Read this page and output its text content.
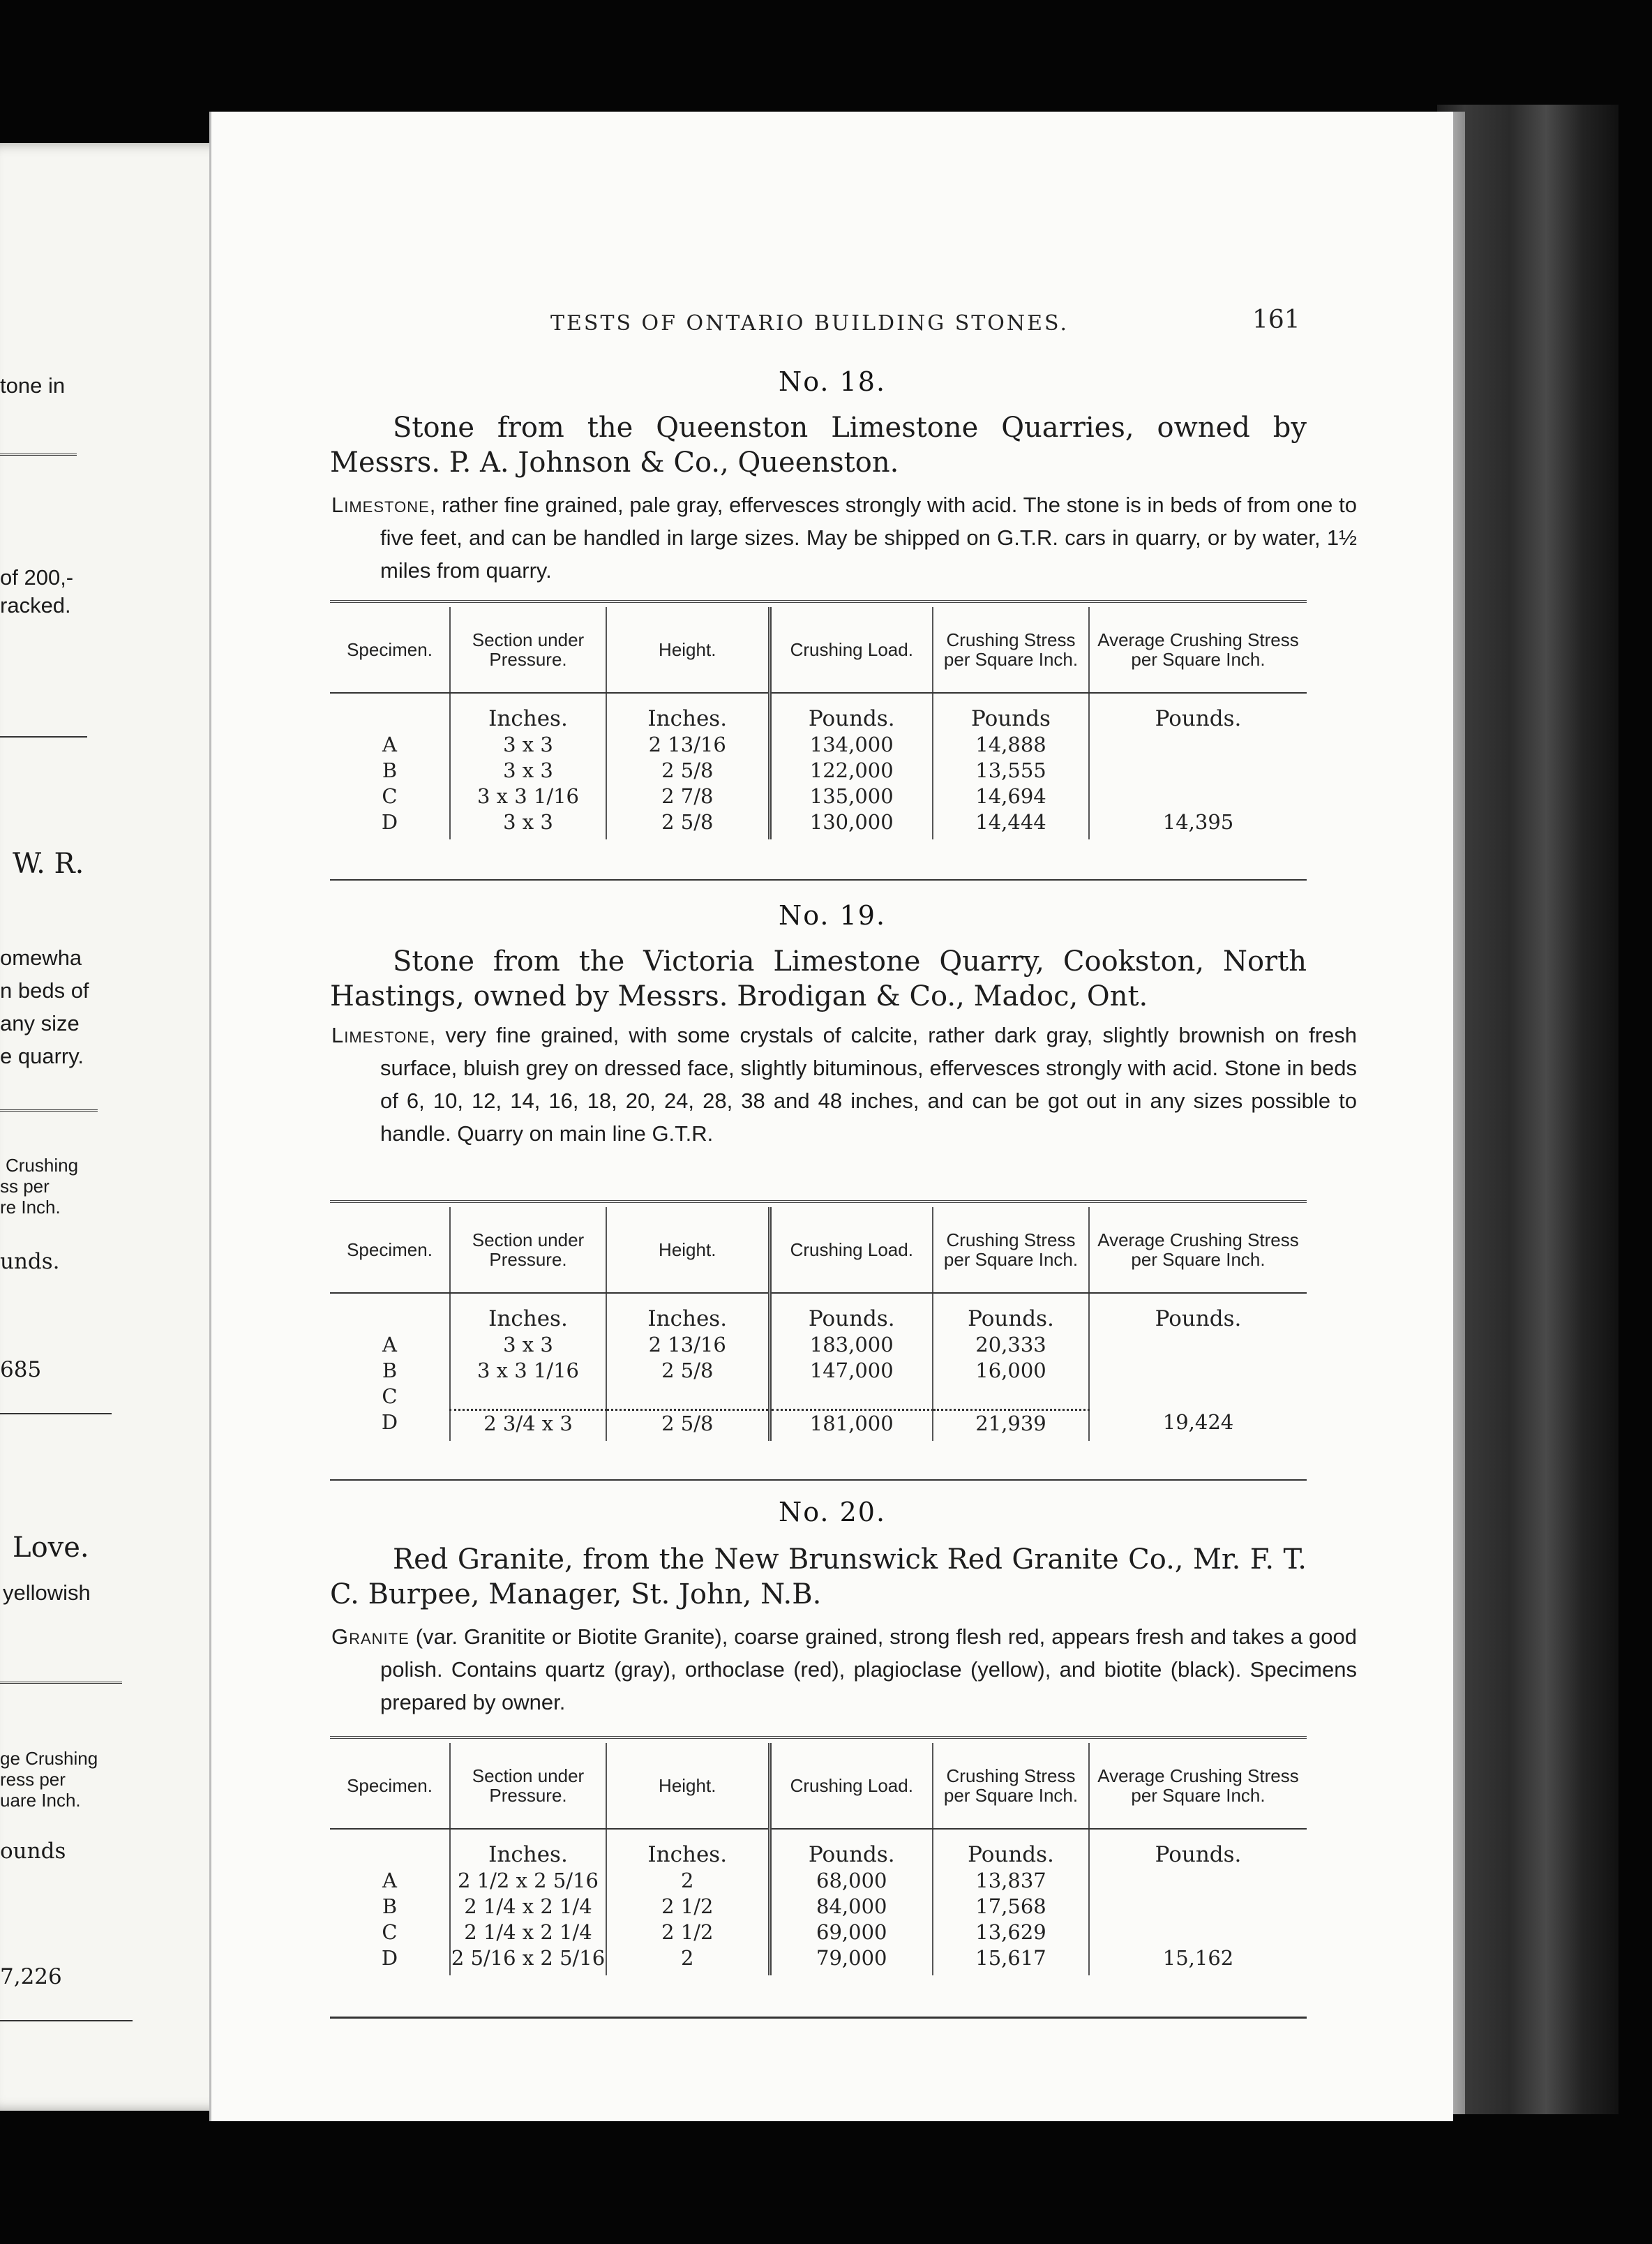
tone in
of 200,-
racked.
W. R.
omewha
n beds of
any size
e quarry.
Crushing
ss per
re Inch.
unds.
685
Love.
yellowish
ge Crushing
ress per
uare Inch.
ounds
7,226
TESTS OF ONTARIO BUILDING STONES.	161
No. 18.
Stone from the Queenston Limestone Quarries, owned by Messrs. P. A. Johnson & Co., Queenston.
Limestone, rather fine grained, pale gray, effervesces strongly with acid. The stone is in beds of from one to five feet, and can be handled in large sizes. May be shipped on G.T.R. cars in quarry, or by water, 1½ miles from quarry.
Specimen.	Section under Pressure.	Height.	Crushing Load.	Crushing Stress per Square Inch.	Average Crushing Stress per Square Inch.
	Inches.	Inches.	Pounds.	Pounds	Pounds.
A	3 x 3	2 13/16	134,000	14,888	
B	3 x 3	2 5/8	122,000	13,555	
C	3 x 3 1/16	2 7/8	135,000	14,694	
D	3 x 3	2 5/8	130,000	14,444	14,395
No. 19.
Stone from the Victoria Limestone Quarry, Cookston, North Hastings, owned by Messrs. Brodigan & Co., Madoc, Ont.
Limestone, very fine grained, with some crystals of calcite, rather dark gray, slightly brownish on fresh surface, bluish grey on dressed face, slightly bituminous, effervesces strongly with acid. Stone in beds of 6, 10, 12, 14, 16, 18, 20, 24, 28, 38 and 48 inches, and can be got out in any sizes possible to handle. Quarry on main line G.T.R.
Specimen.	Section under Pressure.	Height.	Crushing Load.	Crushing Stress per Square Inch.	Average Crushing Stress per Square Inch.
	Inches.	Inches.	Pounds.	Pounds.	Pounds.
A	3 x 3	2 13/16	183,000	20,333	
B	3 x 3 1/16	2 5/8	147,000	16,000	
C					
D	2 3/4 x 3	2 5/8	181,000	21,939	19,424
No. 20.
Red Granite, from the New Brunswick Red Granite Co., Mr. F. T. C. Burpee, Manager, St. John, N.B.
Granite (var. Granitite or Biotite Granite), coarse grained, strong flesh red, appears fresh and takes a good polish. Contains quartz (gray), orthoclase (red), plagioclase (yellow), and biotite (black). Specimens prepared by owner.
Specimen.	Section under Pressure.	Height.	Crushing Load.	Crushing Stress per Square Inch.	Average Crushing Stress per Square Inch.
	Inches.	Inches.	Pounds.	Pounds.	Pounds.
A	2 1/2 x 2 5/16	2	68,000	13,837	
B	2 1/4 x 2 1/4	2 1/2	84,000	17,568	
C	2 1/4 x 2 1/4	2 1/2	69,000	13,629	
D	2 5/16 x 2 5/16	2	79,000	15,617	15,162
